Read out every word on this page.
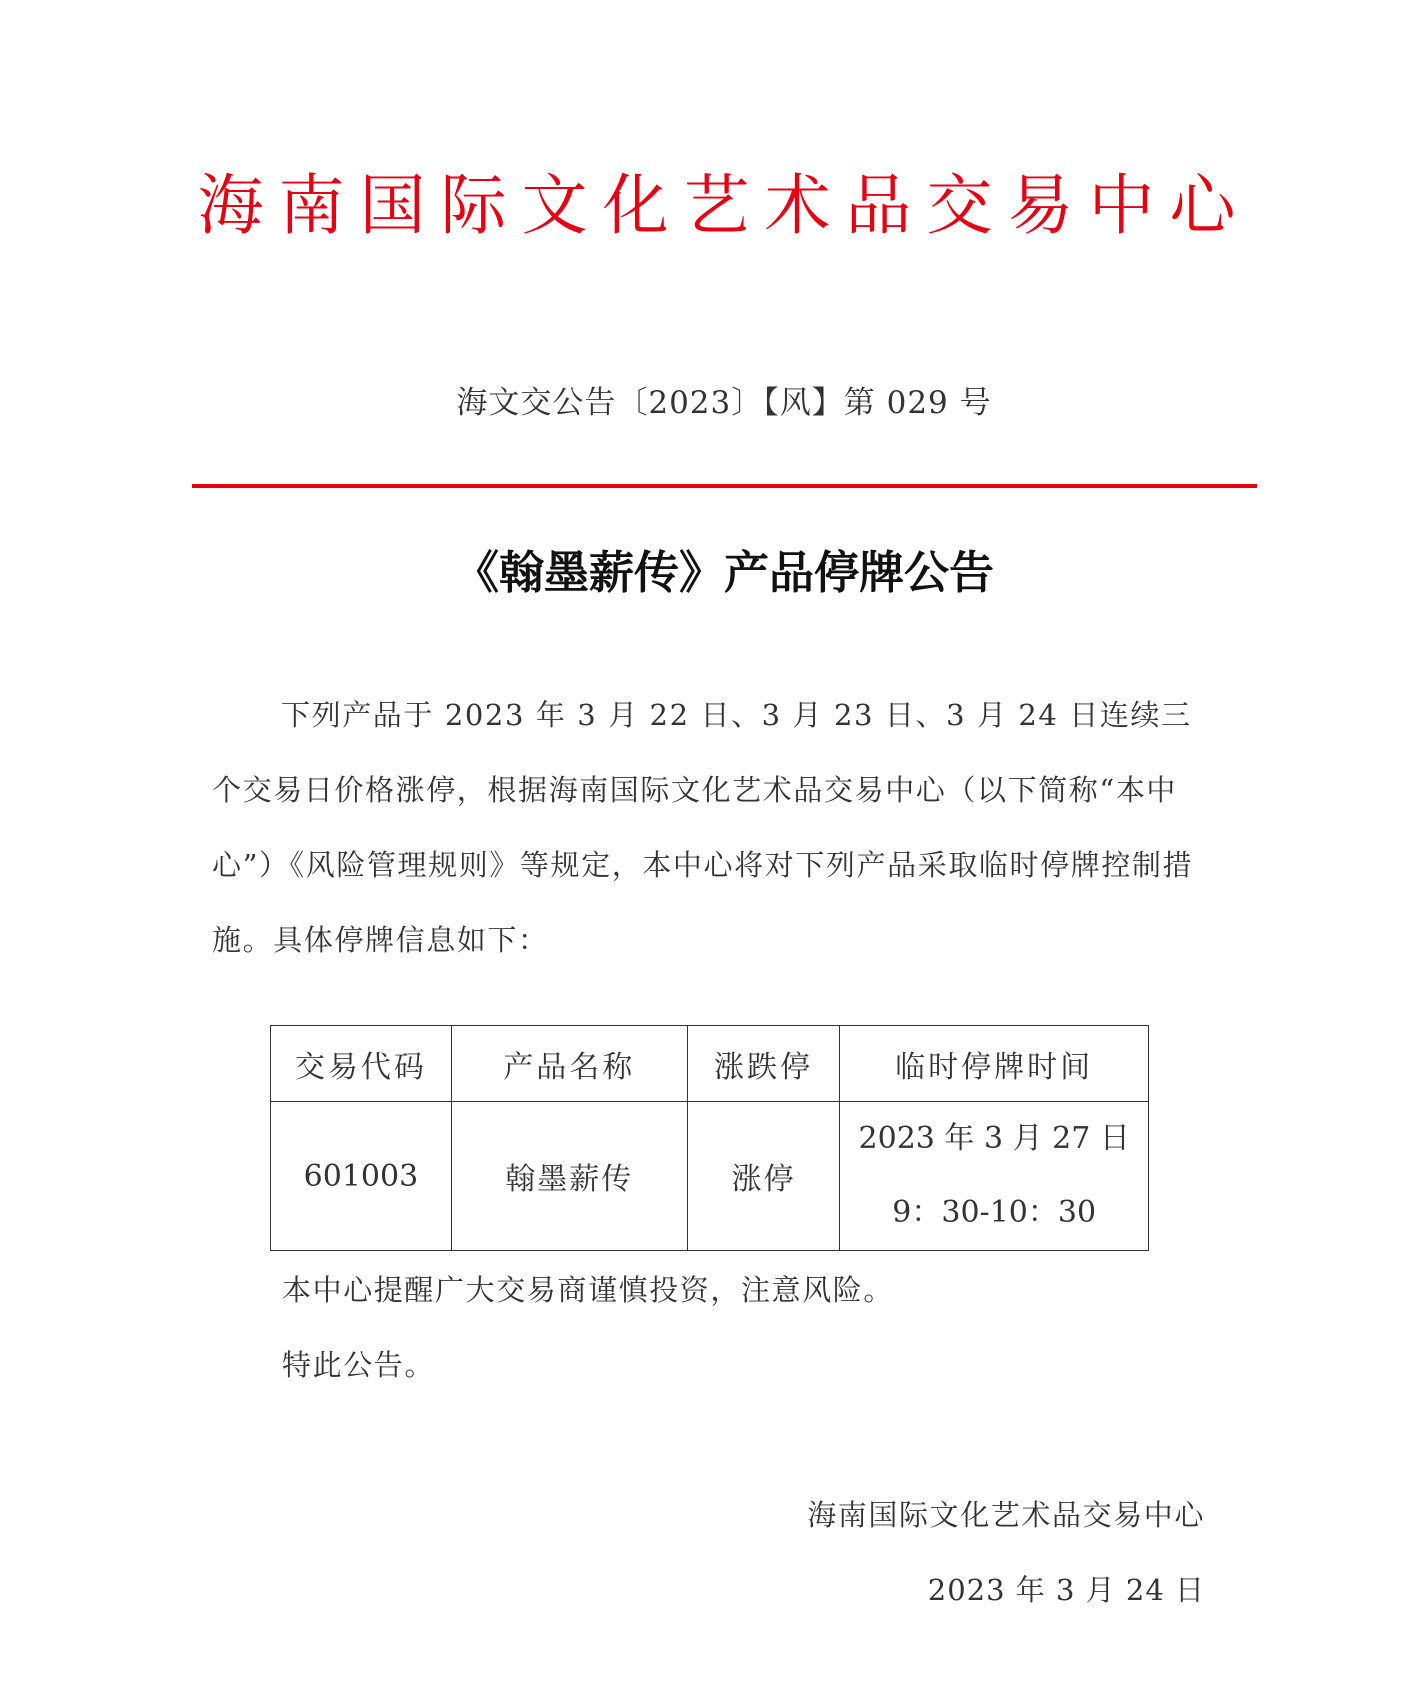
海南国际文化艺术品交易中心
海文交公告〔2023〕【风】第 029 号
《翰墨薪传》产品停牌公告

下列产品于 2023 年 3 月 22 日、3 月 23 日、3 月 24 日连续三个交易日价格涨停，根据海南国际文化艺术品交易中心（以下简称“本中心”）《风险管理规则》等规定，本中心将对下列产品采取临时停牌控制措施。具体停牌信息如下：

交易代码	产品名称	涨跌停	临时停牌时间
601003	翰墨薪传	涨停	2023 年 3 月 27 日
9：30-10：30
本中心提醒广大交易商谨慎投资，注意风险。
特此公告。
海南国际文化艺术品交易中心
2023 年 3 月 24 日
